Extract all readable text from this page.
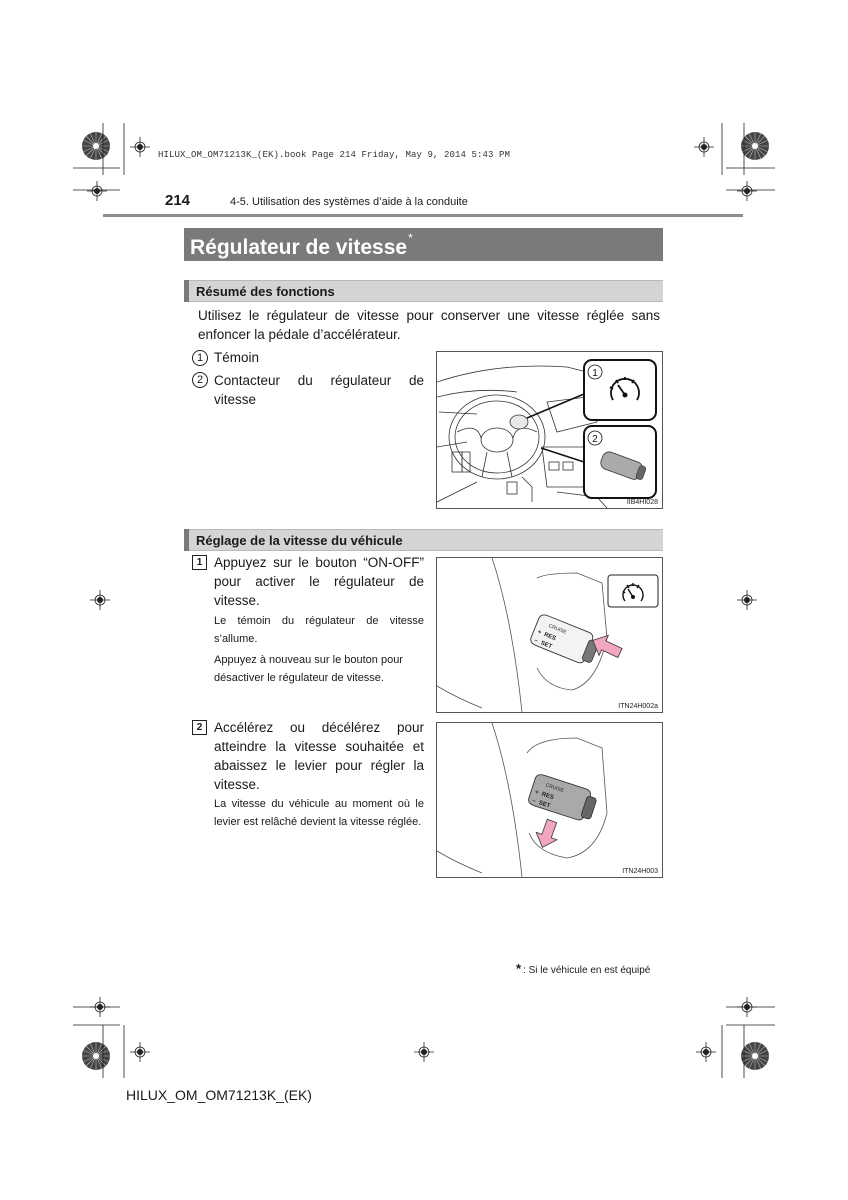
HILUX_OM_OM71213K_(EK).book Page 214 Friday, May 9, 2014 5:43 PM
214	4-5. Utilisation des systèmes d’aide à la conduite
Régulateur de vitesse*
Résumé des fonctions
Utilisez le régulateur de vitesse pour conserver une vitesse réglée sans enfoncer la pédale d’accélérateur.
1 Témoin
2 Contacteur du régulateur de vitesse
1
2
IIB4HI028
Réglage de la vitesse du véhicule
1 Appuyez sur le bouton “ON-OFF” pour activer le régulateur de vitesse.
Le témoin du régulateur de vitesse s’allume.
Appuyez à nouveau sur le bouton pour désactiver le régulateur de vitesse.
CRUISE
+ RES
– SET
ITN24H002a
2 Accélérez ou décélérez pour atteindre la vitesse souhaitée et abaissez le levier pour régler la vitesse.
La vitesse du véhicule au moment où le levier est relâché devient la vitesse réglée.
CRUISE
+ RES
– SET
ITN24H003
* : Si le véhicule en est équipé
HILUX_OM_OM71213K_(EK)
